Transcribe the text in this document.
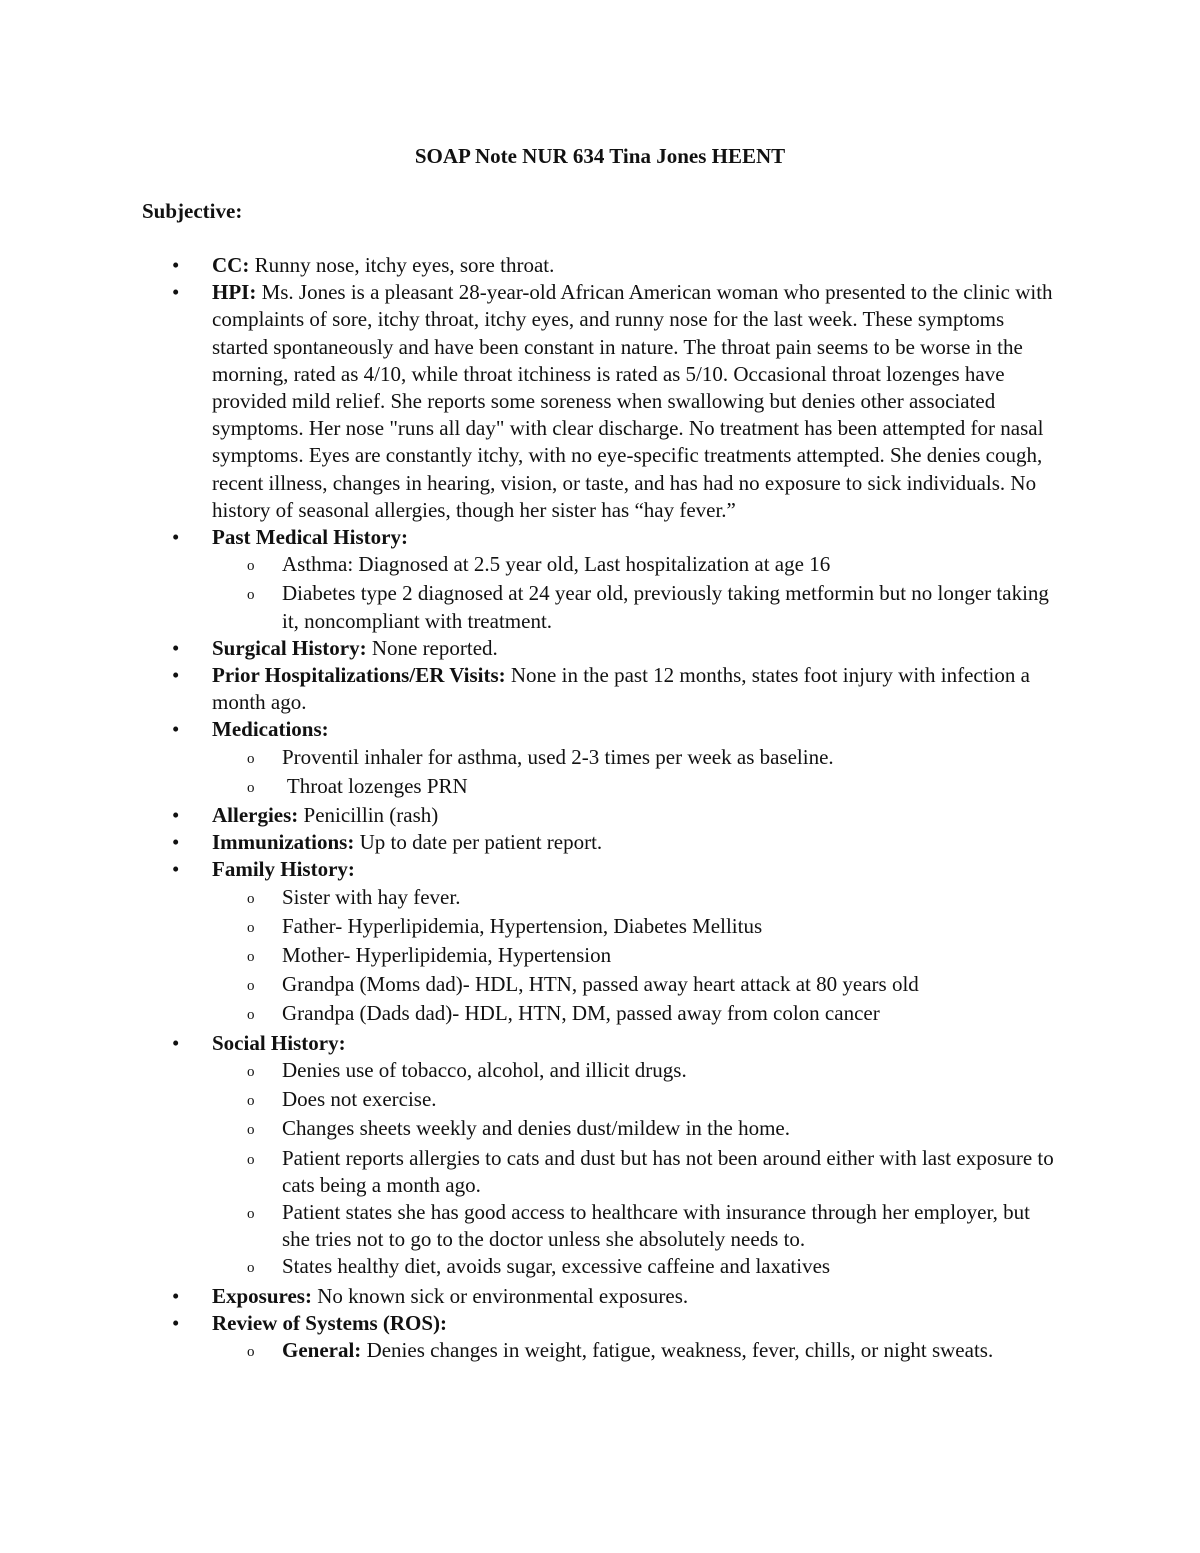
SOAP Note NUR 634 Tina Jones HEENT
Subjective:
•	CC: Runny nose, itchy eyes, sore throat.
•	HPI: Ms. Jones is a pleasant 28-year-old African American woman who presented to the clinic with complaints of sore, itchy throat, itchy eyes, and runny nose for the last week. These symptoms started spontaneously and have been constant in nature. The throat pain seems to be worse in the morning, rated as 4/10, while throat itchiness is rated as 5/10. Occasional throat lozenges have provided mild relief. She reports some soreness when swallowing but denies other associated symptoms. Her nose "runs all day" with clear discharge. No treatment has been attempted for nasal symptoms. Eyes are constantly itchy, with no eye-specific treatments attempted. She denies cough, recent illness, changes in hearing, vision, or taste, and has had no exposure to sick individuals. No history of seasonal allergies, though her sister has “hay fever.”
•	Past Medical History:
o	Asthma: Diagnosed at 2.5 year old, Last hospitalization at age 16
o	Diabetes type 2 diagnosed at 24 year old, previously taking metformin but no longer taking it, noncompliant with treatment.
•	Surgical History: None reported.
•	Prior Hospitalizations/ER Visits: None in the past 12 months, states foot injury with infection a month ago.
•	Medications:
o	Proventil inhaler for asthma, used 2-3 times per week as baseline.
o	Throat lozenges PRN
•	Allergies: Penicillin (rash)
•	Immunizations: Up to date per patient report.
•	Family History:
o	Sister with hay fever.
o	Father- Hyperlipidemia, Hypertension, Diabetes Mellitus
o	Mother- Hyperlipidemia, Hypertension
o	Grandpa (Moms dad)- HDL, HTN, passed away heart attack at 80 years old
o	Grandpa (Dads dad)- HDL, HTN, DM, passed away from colon cancer
•	Social History:
o	Denies use of tobacco, alcohol, and illicit drugs.
o	Does not exercise.
o	Changes sheets weekly and denies dust/mildew in the home.
o	Patient reports allergies to cats and dust but has not been around either with last exposure to cats being a month ago.
o	Patient states she has good access to healthcare with insurance through her employer, but she tries not to go to the doctor unless she absolutely needs to.
o	States healthy diet, avoids sugar, excessive caffeine and laxatives
•	Exposures: No known sick or environmental exposures.
•	Review of Systems (ROS):
o	General: Denies changes in weight, fatigue, weakness, fever, chills, or night sweats.
